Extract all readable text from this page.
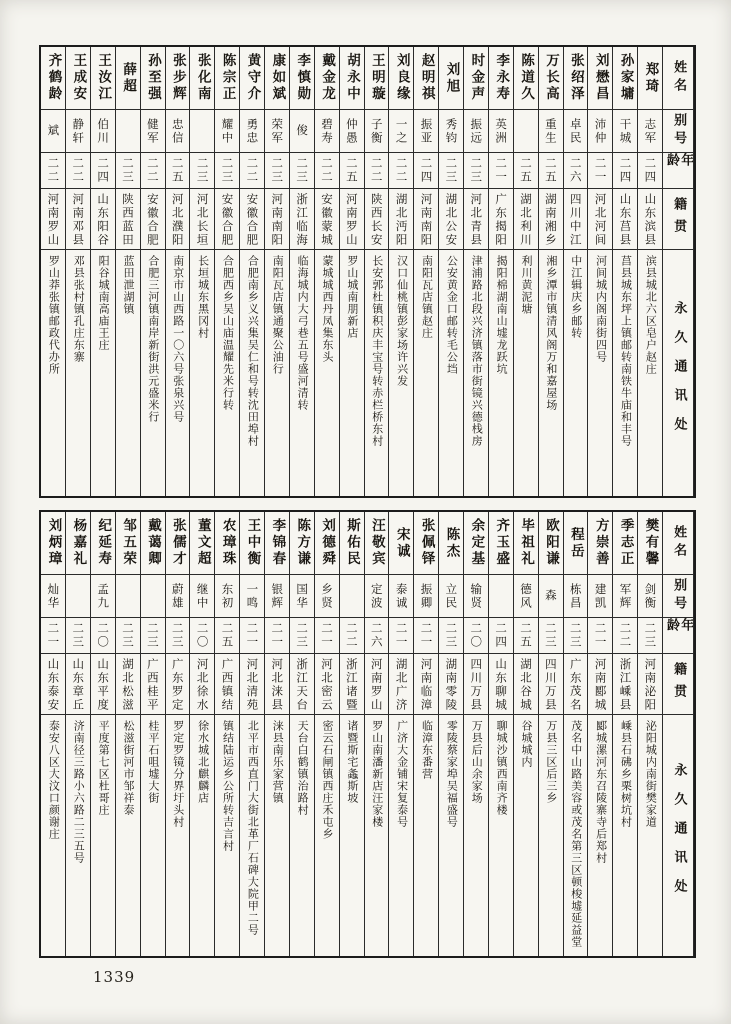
姓名
别号
年龄
籍贯
永久通讯处
郑琦
志军
二四
山东滨县
滨县城北六区皂户赵庄
孙家墉
干城
二四
山东莒县
莒县城东坪上镇邮转南铁牛庙和丰号
刘懋昌
沛仲
二一
河北河间
河间城内阁南街四号
张绍泽
卓民
二六
四川中江
中江辑庆乡邮转
万长高
重生
二五
湖南湘乡
湘乡潭市镇清风阁万和嘉屋场
陈道久
二五
湖北利川
利川黄泥塘
李永寿
英洲
二一
广东揭阳
揭阳棉湖南山墟龙跃坑
时金声
振远
二三
河北青县
津浦路北段兴济镇落市街镜兴德栈房
刘旭
秀钧
二三
湖北公安
公安黄金口邮转毛公垱
赵明祺
振亚
二四
河南南阳
南阳瓦店镇赵庄
刘良缘
一之
二二
湖北沔阳
汉口仙桃镇彭家场许兴发
王明璇
子衡
二二
陕西长安
长安郭杜镇积庆丰宝号转赤栏桥东村
胡永中
仲愚
二五
河南罗山
罗山城南朋新店
戴金龙
碧寿
二二
安徽蒙城
蒙城城西丹凤集东头
李慎勋
俊
二三
浙江临海
临海城内大弓巷五号盛河清转
康如斌
荣军
二三
河南南阳
南阳瓦店镇通聚公油行
黄守介
勇忠
二二
安徽合肥
合肥南乡义兴集吴仁和号转沈田埠村
陈宗正
耀中
二三
安徽合肥
合肥西乡吴山庙温耀先米行转
张化南
二三
河北长垣
长垣城东黑冈村
张步辉
忠信
二五
河北濮阳
南京市山西路一〇六号张泉兴号
孙至强
健军
二二
安徽合肥
合肥三河镇南岸新街洪元盛米行
薛超
二三
陕西蓝田
蓝田泄湖镇
王汝江
伯川
二四
山东阳谷
阳谷城南高庙王庄
王成安
静轩
二二
河南邓县
邓县张村镇孔庄东寨
齐鹤龄
斌
二二
河南罗山
罗山莽张镇邮政代办所
姓名
别号
年龄
籍贯
永久通讯处
樊有馨
剑衡
二三
河南泌阳
泌阳城内南街樊家道
季志正
军辉
二二
浙江嵊县
嵊县石砩乡栗树坑村
方崇善
建凯
二一
河南郾城
郾城漯河东召陵寨寺后郑村
程岳
栋昌
二三
广东茂名
茂名中山路美容或茂名第三区顿梭墟延益堂
欧阳谦
森
二三
四川万县
万县三区后三乡
毕祖礼
德风
二五
湖北谷城
谷城城内
齐玉盛
二四
山东聊城
聊城沙镇西南齐楼
余定基
输贤
二〇
四川万县
万县后山余家场
陈杰
立民
二三
湖南零陵
零陵蔡家埠吴福盛号
张佩铎
振卿
二一
河南临漳
临漳东番营
宋诚
泰诚
二一
湖北广济
广济大金铺宋复泰号
汪敬宾
定波
二六
河南罗山
罗山南潘新店汪家楼
斯佑民
二二
浙江诸暨
诸暨斯宅螽斯坡
刘德舜
乡贤
二一
河北密云
密云石闸镇西庄禾屯乡
陈方谦
国华
二三
浙江天台
天台白鹤镇治路村
李锦春
银辉
二一
河北涞县
涞县南乐家营镇
王中衡
一鸣
二一
河北清苑
北平市西直门大街北革厂石碑大院甲二号
农璋珠
东初
二五
广西镇结
镇结陆运乡公所转吉言村
董文超
继中
二〇
河北徐水
徐水城北麒麟店
张儒才
蔚雄
二三
广东罗定
罗定罗镜分界圩头村
戴蔼卿
二三
广西桂平
桂平石咀墟大街
邹五荣
二三
湖北松滋
松滋街河市邹祥泰
纪延寿
孟九
二〇
山东平度
平度第七区杜哥庄
杨嘉礼
二三
山东章丘
济南径三路小六路二三五号
刘炳璋
灿华
二一
山东泰安
泰安八区大汶口颜谢庄
1339
